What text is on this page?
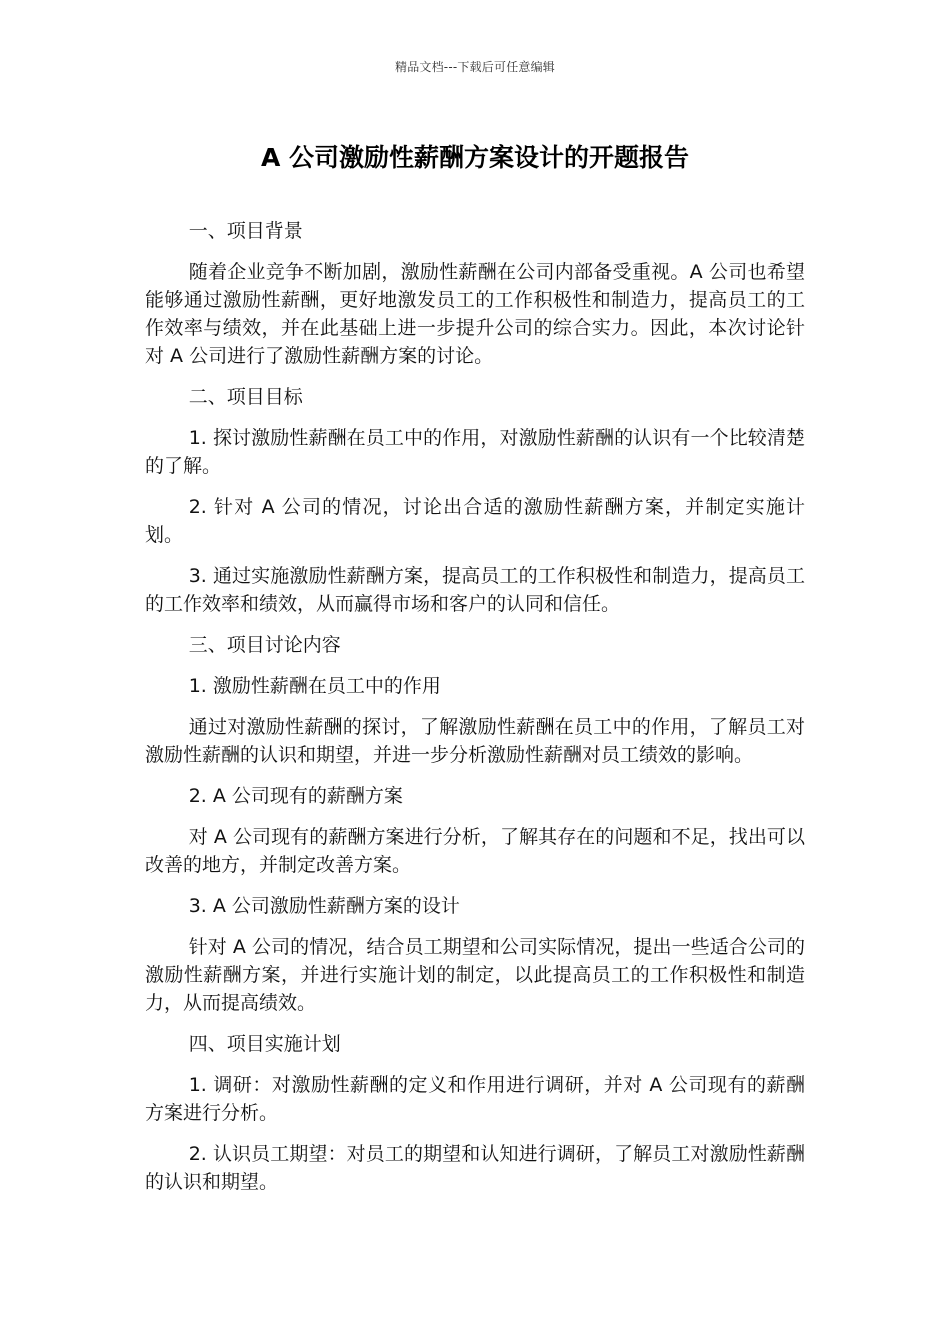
精品文档---下载后可任意编辑
A 公司激励性薪酬方案设计的开题报告

一、项目背景

随着企业竞争不断加剧，激励性薪酬在公司内部备受重视。A 公司也希望能够通过激励性薪酬，更好地激发员工的工作积极性和制造力，提高员工的工作效率与绩效，并在此基础上进一步提升公司的综合实力。因此，本次讨论针对 A 公司进行了激励性薪酬方案的讨论。

二、项目目标

1. 探讨激励性薪酬在员工中的作用，对激励性薪酬的认识有一个比较清楚的了解。

2. 针对 A 公司的情况，讨论出合适的激励性薪酬方案，并制定实施计划。

3. 通过实施激励性薪酬方案，提高员工的工作积极性和制造力，提高员工的工作效率和绩效，从而赢得市场和客户的认同和信任。

三、项目讨论内容

1. 激励性薪酬在员工中的作用

通过对激励性薪酬的探讨，了解激励性薪酬在员工中的作用，了解员工对激励性薪酬的认识和期望，并进一步分析激励性薪酬对员工绩效的影响。

2. A 公司现有的薪酬方案

对 A 公司现有的薪酬方案进行分析，了解其存在的问题和不足，找出可以改善的地方，并制定改善方案。

3. A 公司激励性薪酬方案的设计

针对 A 公司的情况，结合员工期望和公司实际情况，提出一些适合公司的激励性薪酬方案，并进行实施计划的制定，以此提高员工的工作积极性和制造力，从而提高绩效。

四、项目实施计划

1. 调研：对激励性薪酬的定义和作用进行调研，并对 A 公司现有的薪酬方案进行分析。

2. 认识员工期望：对员工的期望和认知进行调研，了解员工对激励性薪酬的认识和期望。
